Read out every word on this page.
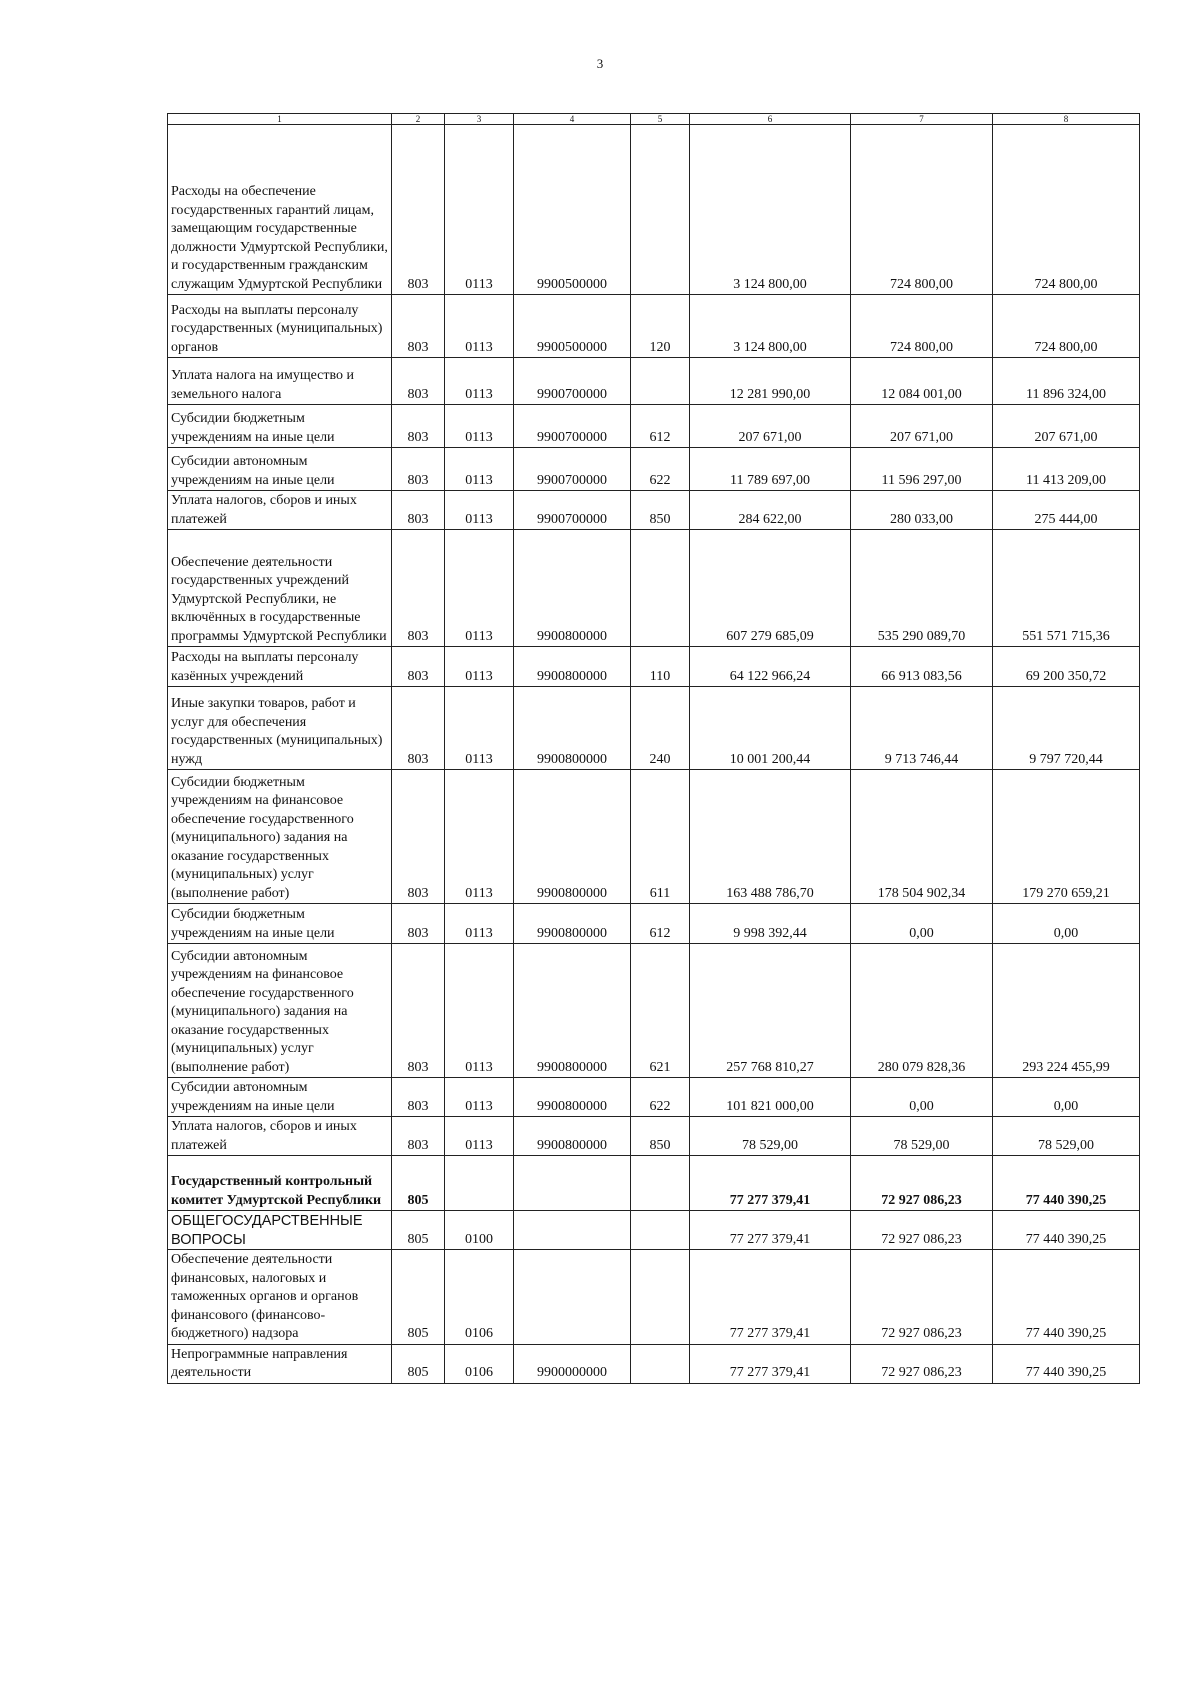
3
1	2	3	4	5	6	7	8
Расходы на обеспечение государственных гарантий лицам, замещающим государственные должности Удмуртской Республики, и государственным гражданским служащим Удмуртской Республики	803	0113	9900500000		3 124 800,00	724 800,00	724 800,00
Расходы на выплаты персоналу государственных (муниципальных) органов	803	0113	9900500000	120	3 124 800,00	724 800,00	724 800,00
Уплата налога на имущество и земельного налога	803	0113	9900700000		12 281 990,00	12 084 001,00	11 896 324,00
Субсидии бюджетным учреждениям на иные цели	803	0113	9900700000	612	207 671,00	207 671,00	207 671,00
Субсидии автономным учреждениям на иные цели	803	0113	9900700000	622	11 789 697,00	11 596 297,00	11 413 209,00
Уплата налогов, сборов и иных платежей	803	0113	9900700000	850	284 622,00	280 033,00	275 444,00
Обеспечение деятельности государственных учреждений Удмуртской Республики, не включённых в государственные программы Удмуртской Республики	803	0113	9900800000		607 279 685,09	535 290 089,70	551 571 715,36
Расходы на выплаты персоналу казённых учреждений	803	0113	9900800000	110	64 122 966,24	66 913 083,56	69 200 350,72
Иные закупки товаров, работ и услуг для обеспечения государственных (муниципальных) нужд	803	0113	9900800000	240	10 001 200,44	9 713 746,44	9 797 720,44
Субсидии бюджетным учреждениям на финансовое обеспечение государственного (муниципального) задания на оказание государственных (муниципальных) услуг (выполнение работ)	803	0113	9900800000	611	163 488 786,70	178 504 902,34	179 270 659,21
Субсидии бюджетным учреждениям на иные цели	803	0113	9900800000	612	9 998 392,44	0,00	0,00
Субсидии автономным учреждениям на финансовое обеспечение государственного (муниципального) задания на оказание государственных (муниципальных) услуг (выполнение работ)	803	0113	9900800000	621	257 768 810,27	280 079 828,36	293 224 455,99
Субсидии автономным учреждениям на иные цели	803	0113	9900800000	622	101 821 000,00	0,00	0,00
Уплата налогов, сборов и иных платежей	803	0113	9900800000	850	78 529,00	78 529,00	78 529,00
Государственный контрольный комитет Удмуртской Республики	805				77 277 379,41	72 927 086,23	77 440 390,25
ОБЩЕГОСУДАРСТВЕННЫЕ ВОПРОСЫ	805	0100			77 277 379,41	72 927 086,23	77 440 390,25
Обеспечение деятельности финансовых, налоговых и таможенных органов и органов финансового (финансово-бюджетного) надзора	805	0106			77 277 379,41	72 927 086,23	77 440 390,25
Непрограммные направления деятельности	805	0106	9900000000		77 277 379,41	72 927 086,23	77 440 390,25
